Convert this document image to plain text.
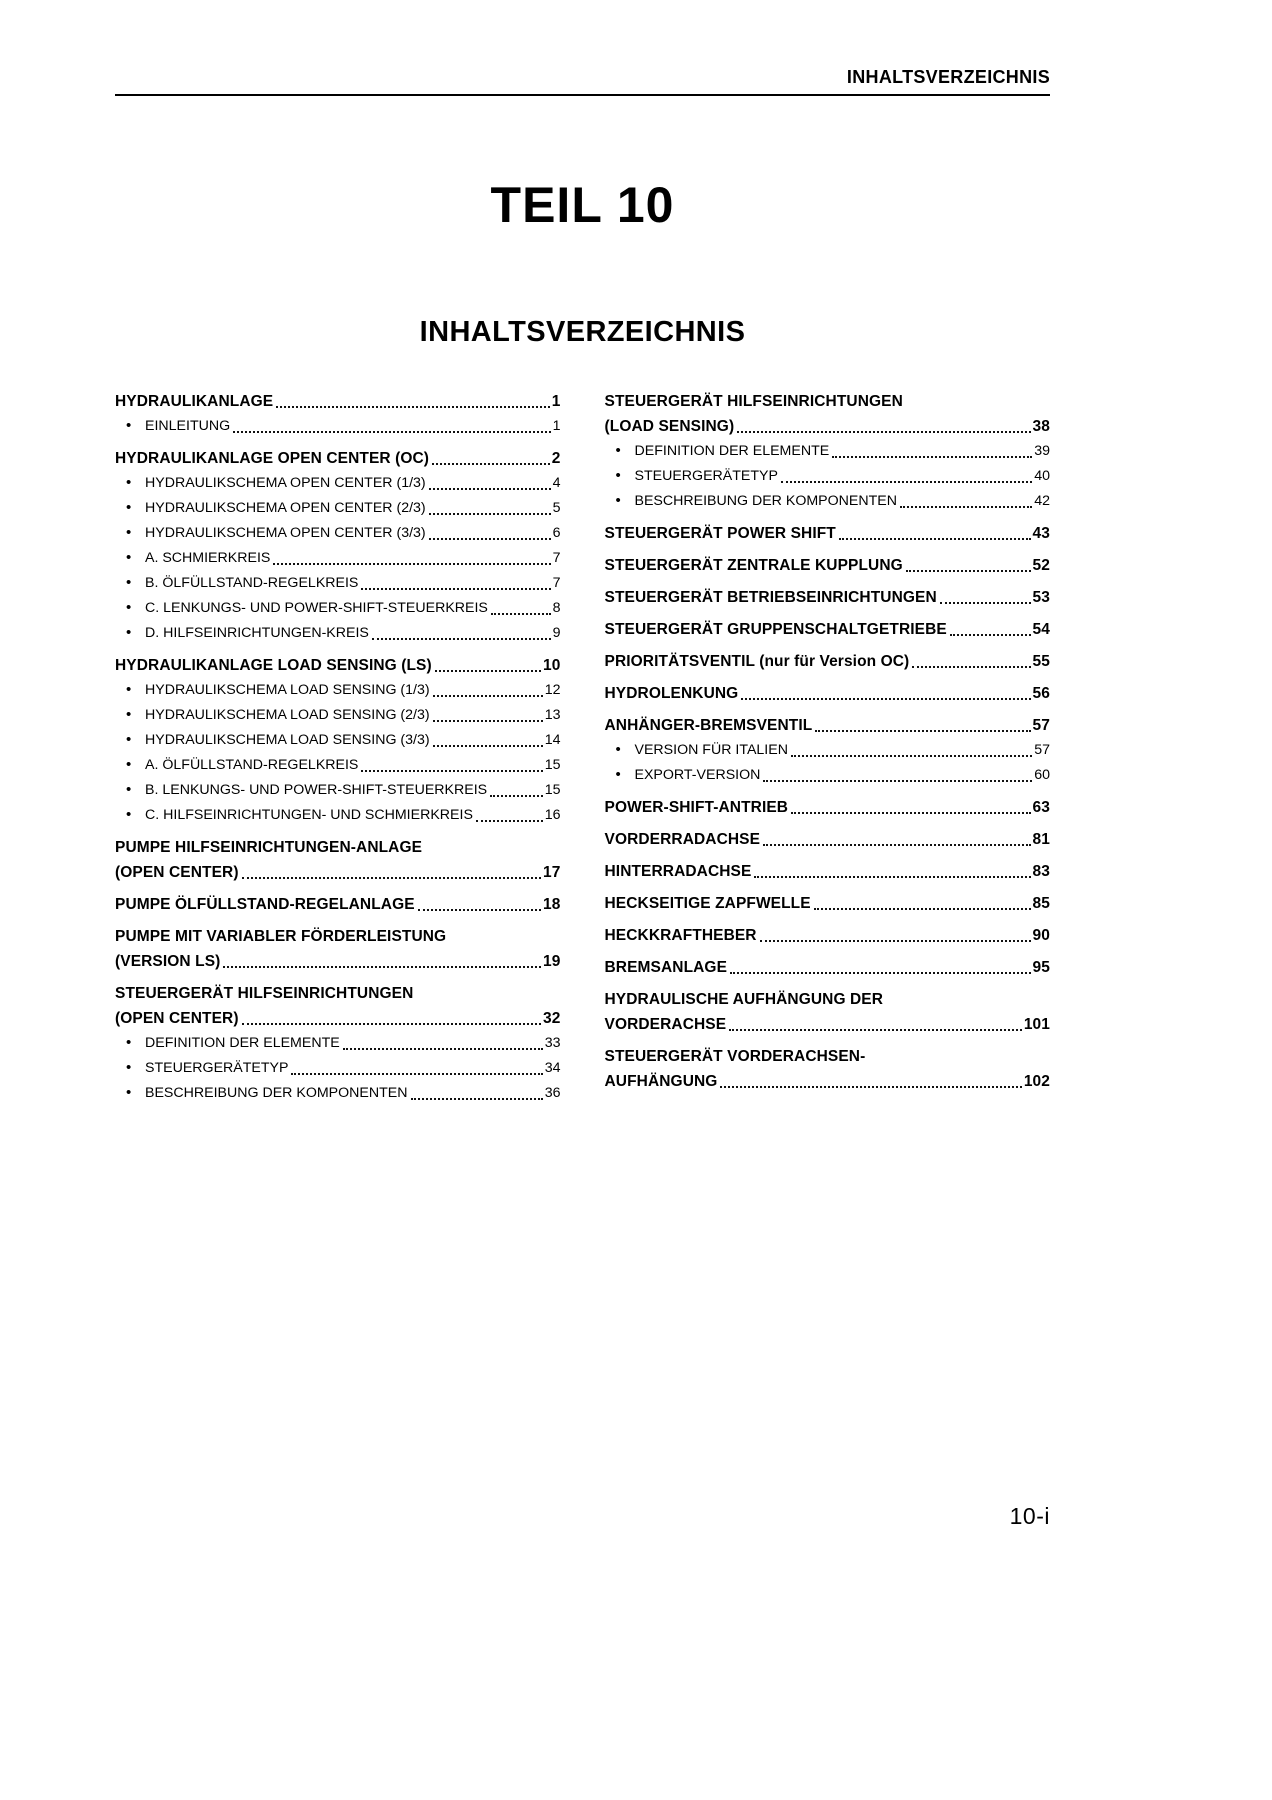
INHALTSVERZEICHNIS
TEIL 10
INHALTSVERZEICHNIS
HYDRAULIKANLAGE	1
• EINLEITUNG	1
HYDRAULIKANLAGE OPEN CENTER (OC)	2
• HYDRAULIKSCHEMA OPEN CENTER (1/3)	4
• HYDRAULIKSCHEMA OPEN CENTER (2/3)	5
• HYDRAULIKSCHEMA OPEN CENTER (3/3)	6
• A. SCHMIERKREIS	7
• B. ÖLFÜLLSTAND-REGELKREIS	7
• C. LENKUNGS- UND POWER-SHIFT-STEUERKREIS	8
• D. HILFSEINRICHTUNGEN-KREIS	9
HYDRAULIKANLAGE LOAD SENSING (LS)	10
• HYDRAULIKSCHEMA LOAD SENSING (1/3)	12
• HYDRAULIKSCHEMA LOAD SENSING (2/3)	13
• HYDRAULIKSCHEMA LOAD SENSING (3/3)	14
• A. ÖLFÜLLSTAND-REGELKREIS	15
• B. LENKUNGS- UND POWER-SHIFT-STEUERKREIS	15
• C. HILFSEINRICHTUNGEN- UND SCHMIERKREIS	16
PUMPE HILFSEINRICHTUNGEN-ANLAGE
(OPEN CENTER)	17
PUMPE ÖLFÜLLSTAND-REGELANLAGE	18
PUMPE MIT VARIABLER FÖRDERLEISTUNG
(VERSION LS)	19
STEUERGERÄT HILFSEINRICHTUNGEN
(OPEN CENTER)	32
• DEFINITION DER ELEMENTE	33
• STEUERGERÄTETYP	34
• BESCHREIBUNG DER KOMPONENTEN	36
STEUERGERÄT HILFSEINRICHTUNGEN
(LOAD SENSING)	38
• DEFINITION DER ELEMENTE	39
• STEUERGERÄTETYP	40
• BESCHREIBUNG DER KOMPONENTEN	42
STEUERGERÄT POWER SHIFT	43
STEUERGERÄT ZENTRALE KUPPLUNG	52
STEUERGERÄT BETRIEBSEINRICHTUNGEN	53
STEUERGERÄT GRUPPENSCHALTGETRIEBE	54
PRIORITÄTSVENTIL (nur für Version OC)	55
HYDROLENKUNG	56
ANHÄNGER-BREMSVENTIL	57
• VERSION FÜR ITALIEN	57
• EXPORT-VERSION	60
POWER-SHIFT-ANTRIEB	63
VORDERRADACHSE	81
HINTERRADACHSE	83
HECKSEITIGE ZAPFWELLE	85
HECKKRAFTHEBER	90
BREMSANLAGE	95
HYDRAULISCHE AUFHÄNGUNG DER
VORDERACHSE	101
STEUERGERÄT VORDERACHSEN-
AUFHÄNGUNG	102
10-i
